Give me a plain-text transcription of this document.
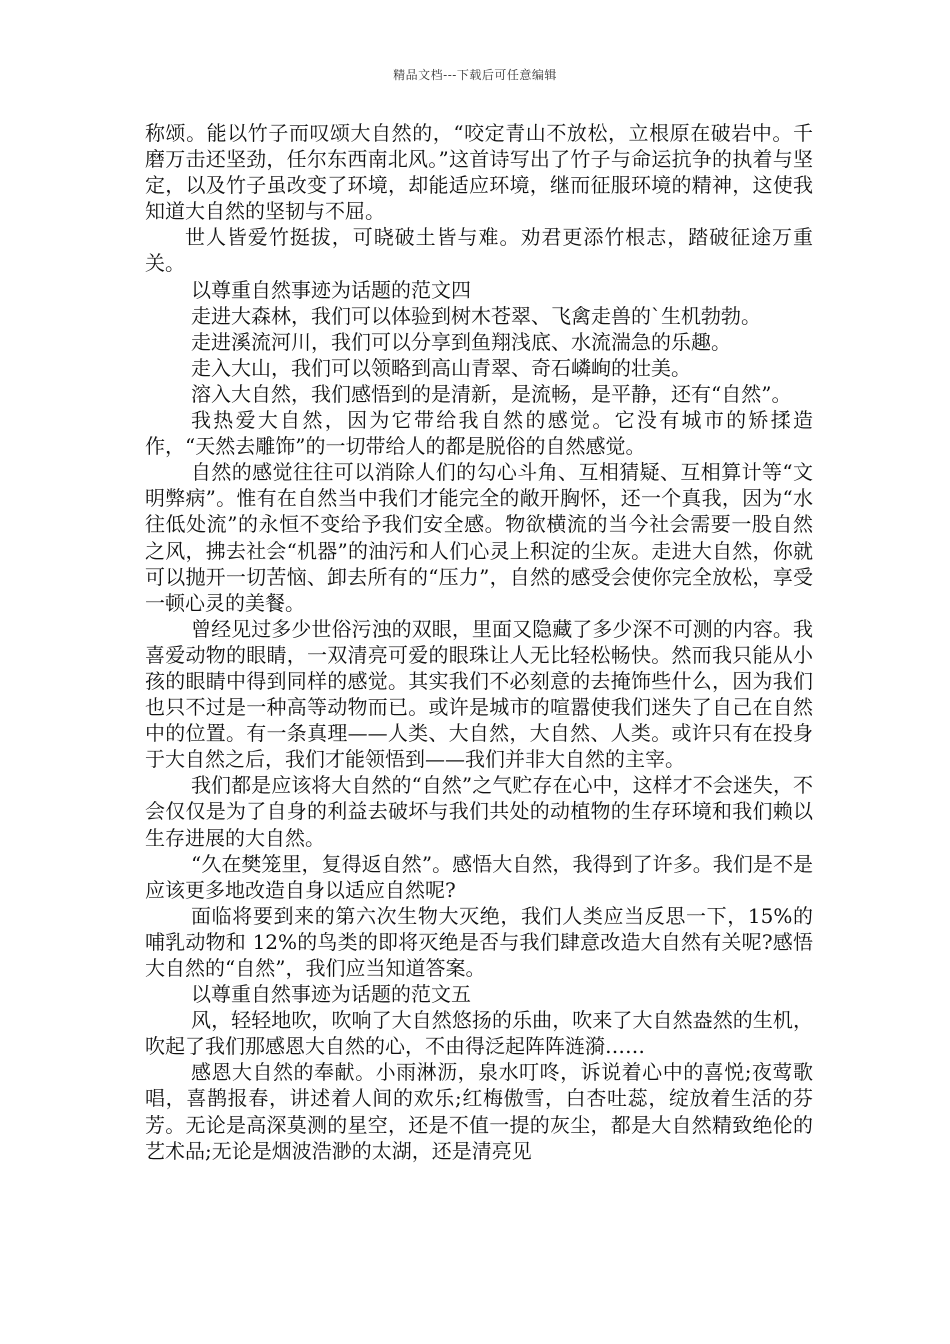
精品文档---下载后可任意编辑

称颂。能以竹子而叹颂大自然的，“咬定青山不放松，立根原在破岩中。千磨万击还坚劲，任尔东西南北风。”这首诗写出了竹子与命运抗争的执着与坚定，以及竹子虽改变了环境，却能适应环境，继而征服环境的精神，这使我知道大自然的坚韧与不屈。

世人皆爱竹挺拔，可晓破土皆与难。劝君更添竹根志，踏破征途万重关。

以尊重自然事迹为话题的范文四

走进大森林，我们可以体验到树木苍翠、飞禽走兽的`生机勃勃。

走进溪流河川，我们可以分享到鱼翔浅底、水流湍急的乐趣。

走入大山，我们可以领略到高山青翠、奇石嶙峋的壮美。

溶入大自然，我们感悟到的是清新，是流畅，是平静，还有“自然”。

我热爱大自然，因为它带给我自然的感觉。它没有城市的矫揉造作，“天然去雕饰”的一切带给人的都是脱俗的自然感觉。

自然的感觉往往可以消除人们的勾心斗角、互相猜疑、互相算计等“文明弊病”。惟有在自然当中我们才能完全的敞开胸怀，还一个真我，因为“水往低处流”的永恒不变给予我们安全感。物欲横流的当今社会需要一股自然之风，拂去社会“机器”的油污和人们心灵上积淀的尘灰。走进大自然，你就可以抛开一切苦恼、卸去所有的“压力”，自然的感受会使你完全放松，享受一顿心灵的美餐。

曾经见过多少世俗污浊的双眼，里面又隐藏了多少深不可测的内容。我喜爱动物的眼睛，一双清亮可爱的眼珠让人无比轻松畅快。然而我只能从小孩的眼睛中得到同样的感觉。其实我们不必刻意的去掩饰些什么，因为我们也只不过是一种高等动物而已。或许是城市的喧嚣使我们迷失了自己在自然中的位置。有一条真理——人类、大自然，大自然、人类。或许只有在投身于大自然之后，我们才能领悟到——我们并非大自然的主宰。

我们都是应该将大自然的“自然”之气贮存在心中，这样才不会迷失，不会仅仅是为了自身的利益去破坏与我们共处的动植物的生存环境和我们赖以生存进展的大自然。

“久在樊笼里，复得返自然”。感悟大自然，我得到了许多。我们是不是应该更多地改造自身以适应自然呢?

面临将要到来的第六次生物大灭绝，我们人类应当反思一下，15%的哺乳动物和 12%的鸟类的即将灭绝是否与我们肆意改造大自然有关呢?感悟大自然的“自然”，我们应当知道答案。

以尊重自然事迹为话题的范文五

风，轻轻地吹，吹响了大自然悠扬的乐曲，吹来了大自然盎然的生机，吹起了我们那感恩大自然的心，不由得泛起阵阵涟漪……

感恩大自然的奉献。小雨淋沥，泉水叮咚，诉说着心中的喜悦;夜莺歌唱，喜鹊报春，讲述着人间的欢乐;红梅傲雪，白杏吐蕊，绽放着生活的芬芳。无论是高深莫测的星空，还是不值一提的灰尘，都是大自然精致绝伦的艺术品;无论是烟波浩渺的太湖，还是清亮见
